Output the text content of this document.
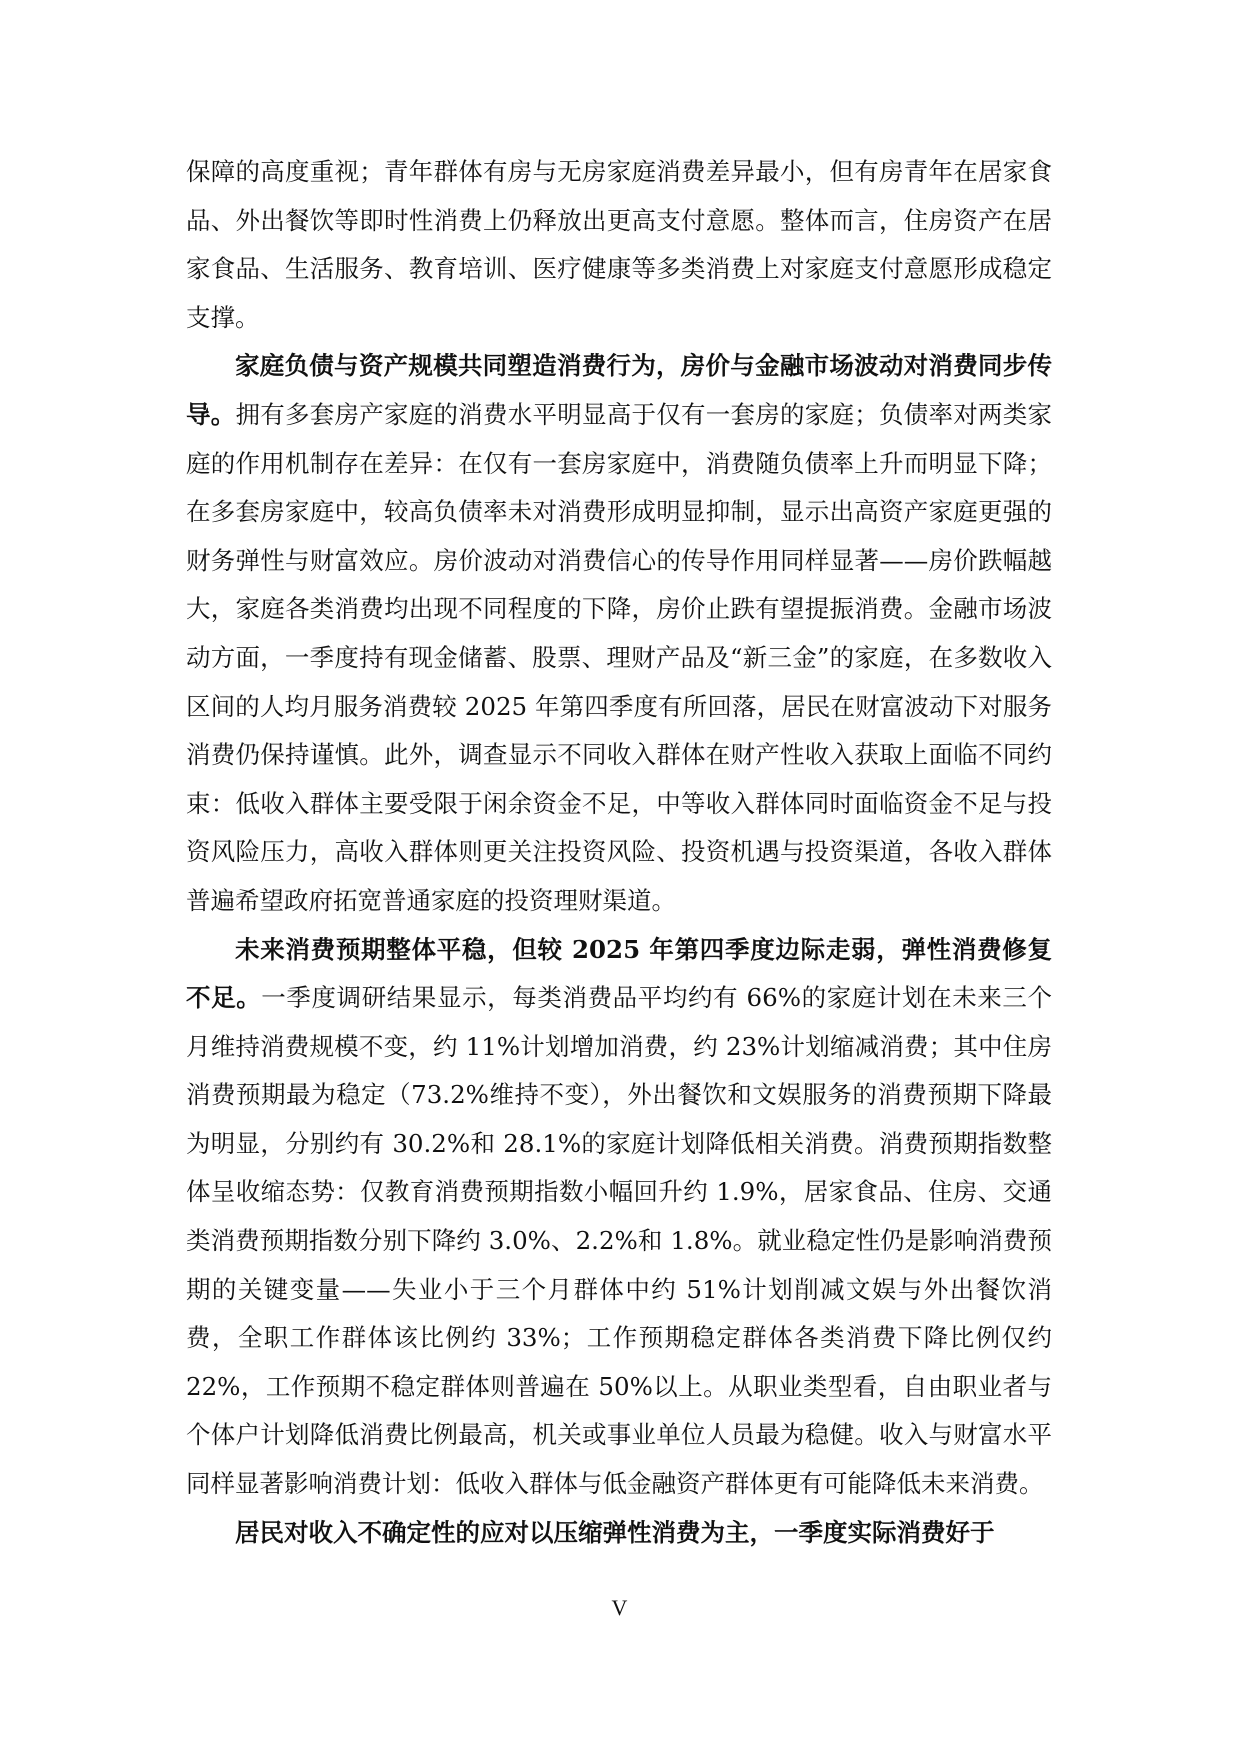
保障的高度重视；青年群体有房与无房家庭消费差异最小，但有房青年在居家食品、外出餐饮等即时性消费上仍释放出更高支付意愿。整体而言，住房资产在居家食品、生活服务、教育培训、医疗健康等多类消费上对家庭支付意愿形成稳定支撑。

家庭负债与资产规模共同塑造消费行为，房价与金融市场波动对消费同步传导。拥有多套房产家庭的消费水平明显高于仅有一套房的家庭；负债率对两类家庭的作用机制存在差异：在仅有一套房家庭中，消费随负债率上升而明显下降；在多套房家庭中，较高负债率未对消费形成明显抑制，显示出高资产家庭更强的财务弹性与财富效应。房价波动对消费信心的传导作用同样显著——房价跌幅越大，家庭各类消费均出现不同程度的下降，房价止跌有望提振消费。金融市场波动方面，一季度持有现金储蓄、股票、理财产品及“新三金”的家庭，在多数收入区间的人均月服务消费较 2025 年第四季度有所回落，居民在财富波动下对服务消费仍保持谨慎。此外，调查显示不同收入群体在财产性收入获取上面临不同约束：低收入群体主要受限于闲余资金不足，中等收入群体同时面临资金不足与投资风险压力，高收入群体则更关注投资风险、投资机遇与投资渠道，各收入群体普遍希望政府拓宽普通家庭的投资理财渠道。

未来消费预期整体平稳，但较 2025 年第四季度边际走弱，弹性消费修复不足。一季度调研结果显示，每类消费品平均约有 66%的家庭计划在未来三个月维持消费规模不变，约 11%计划增加消费，约 23%计划缩减消费；其中住房消费预期最为稳定（73.2%维持不变），外出餐饮和文娱服务的消费预期下降最为明显，分别约有 30.2%和 28.1%的家庭计划降低相关消费。消费预期指数整体呈收缩态势：仅教育消费预期指数小幅回升约 1.9%，居家食品、住房、交通类消费预期指数分别下降约 3.0%、2.2%和 1.8%。就业稳定性仍是影响消费预期的关键变量——失业小于三个月群体中约 51%计划削减文娱与外出餐饮消费，全职工作群体该比例约 33%；工作预期稳定群体各类消费下降比例仅约 22%，工作预期不稳定群体则普遍在 50%以上。从职业类型看，自由职业者与个体户计划降低消费比例最高，机关或事业单位人员最为稳健。收入与财富水平同样显著影响消费计划：低收入群体与低金融资产群体更有可能降低未来消费。

居民对收入不确定性的应对以压缩弹性消费为主，一季度实际消费好于

V
